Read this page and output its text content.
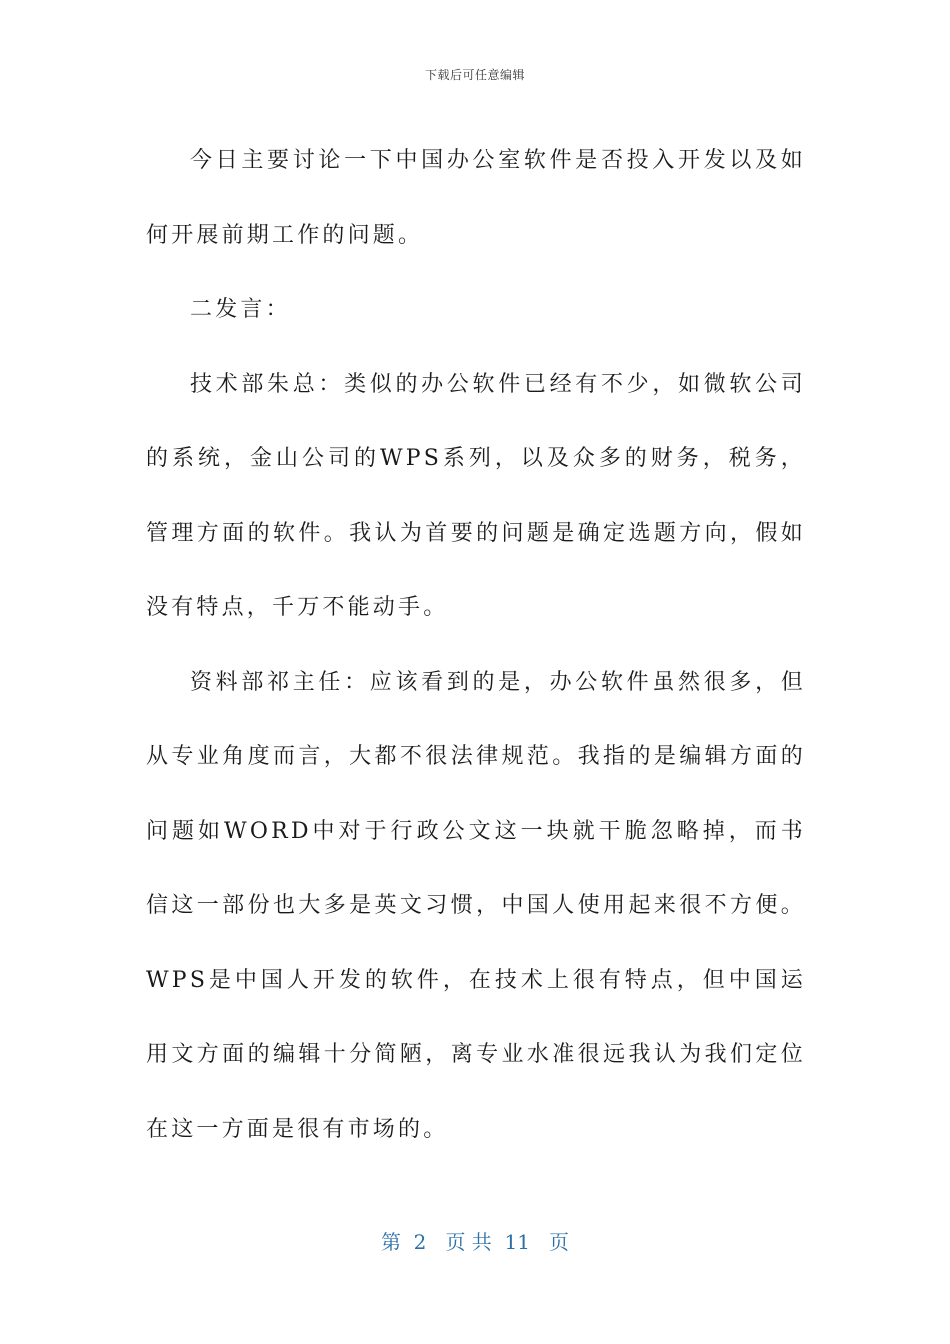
下载后可任意编辑

今日主要讨论一下中国办公室软件是否投入开发以及如何开展前期工作的问题。

二发言：

技术部朱总：类似的办公软件已经有不少，如微软公司的系统，金山公司的WPS系列，以及众多的财务，税务，管理方面的软件。我认为首要的问题是确定选题方向，假如没有特点，千万不能动手。

资料部祁主任：应该看到的是，办公软件虽然很多，但从专业角度而言，大都不很法律规范。我指的是编辑方面的问题如WORD中对于行政公文这一块就干脆忽略掉，而书信这一部份也大多是英文习惯，中国人使用起来很不方便。WPS是中国人开发的软件，在技术上很有特点，但中国运用文方面的编辑十分简陋，离专业水准很远我认为我们定位在这一方面是很有市场的。

第  2   页 共  11   页
